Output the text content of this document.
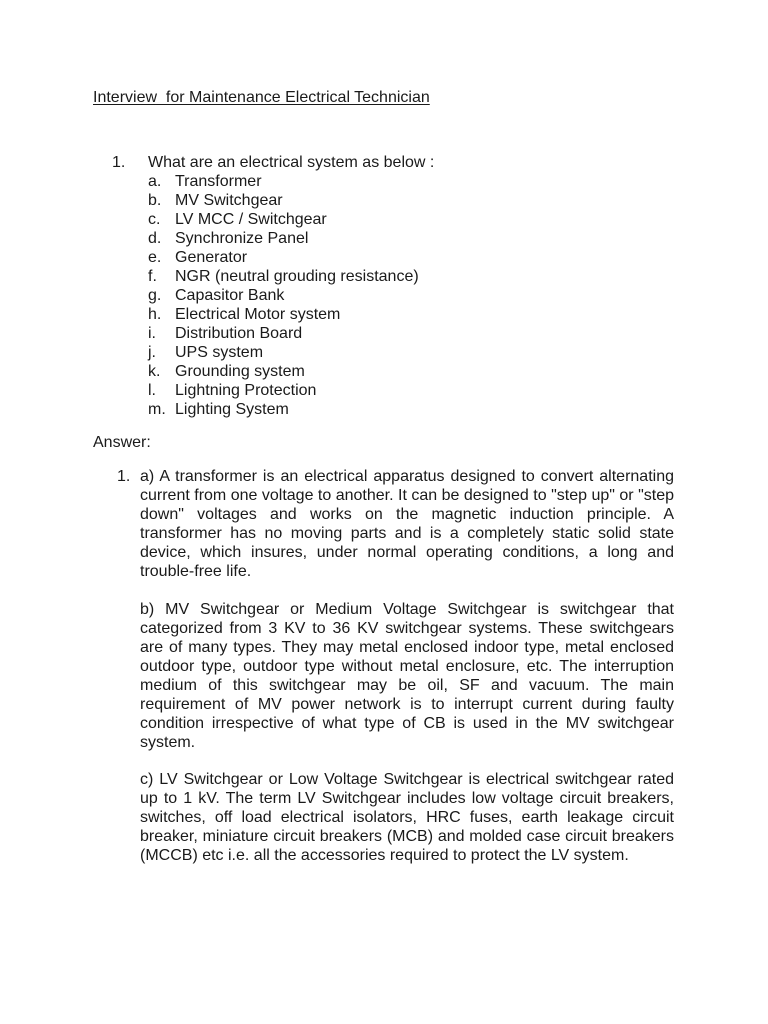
Interview  for Maintenance Electrical Technician
1. What are an electrical system as below :
a. Transformer
b. MV Switchgear
c. LV MCC / Switchgear
d. Synchronize Panel
e. Generator
f. NGR (neutral grouding resistance)
g. Capasitor Bank
h. Electrical Motor system
i. Distribution Board
j. UPS system
k. Grounding system
l. Lightning Protection
m. Lighting System
Answer:
1. a) A transformer is an electrical apparatus designed to convert alternating current from one voltage to another. It can be designed to "step up" or "step down" voltages and works on the magnetic induction principle. A transformer has no moving parts and is a completely static solid state device, which insures, under normal operating conditions, a long and trouble-free life.

b) MV Switchgear or Medium Voltage Switchgear is switchgear that categorized from 3 KV to 36 KV switchgear systems. These switchgears are of many types. They may metal enclosed indoor type, metal enclosed outdoor type, outdoor type without metal enclosure, etc. The interruption medium of this switchgear may be oil, SF and vacuum. The main requirement of MV power network is to interrupt current during faulty condition irrespective of what type of CB is used in the MV switchgear system.

c) LV Switchgear or Low Voltage Switchgear is electrical switchgear rated up to 1 kV. The term LV Switchgear includes low voltage circuit breakers, switches, off load electrical isolators, HRC fuses, earth leakage circuit breaker, miniature circuit breakers (MCB) and molded case circuit breakers (MCCB) etc i.e. all the accessories required to protect the LV system.
